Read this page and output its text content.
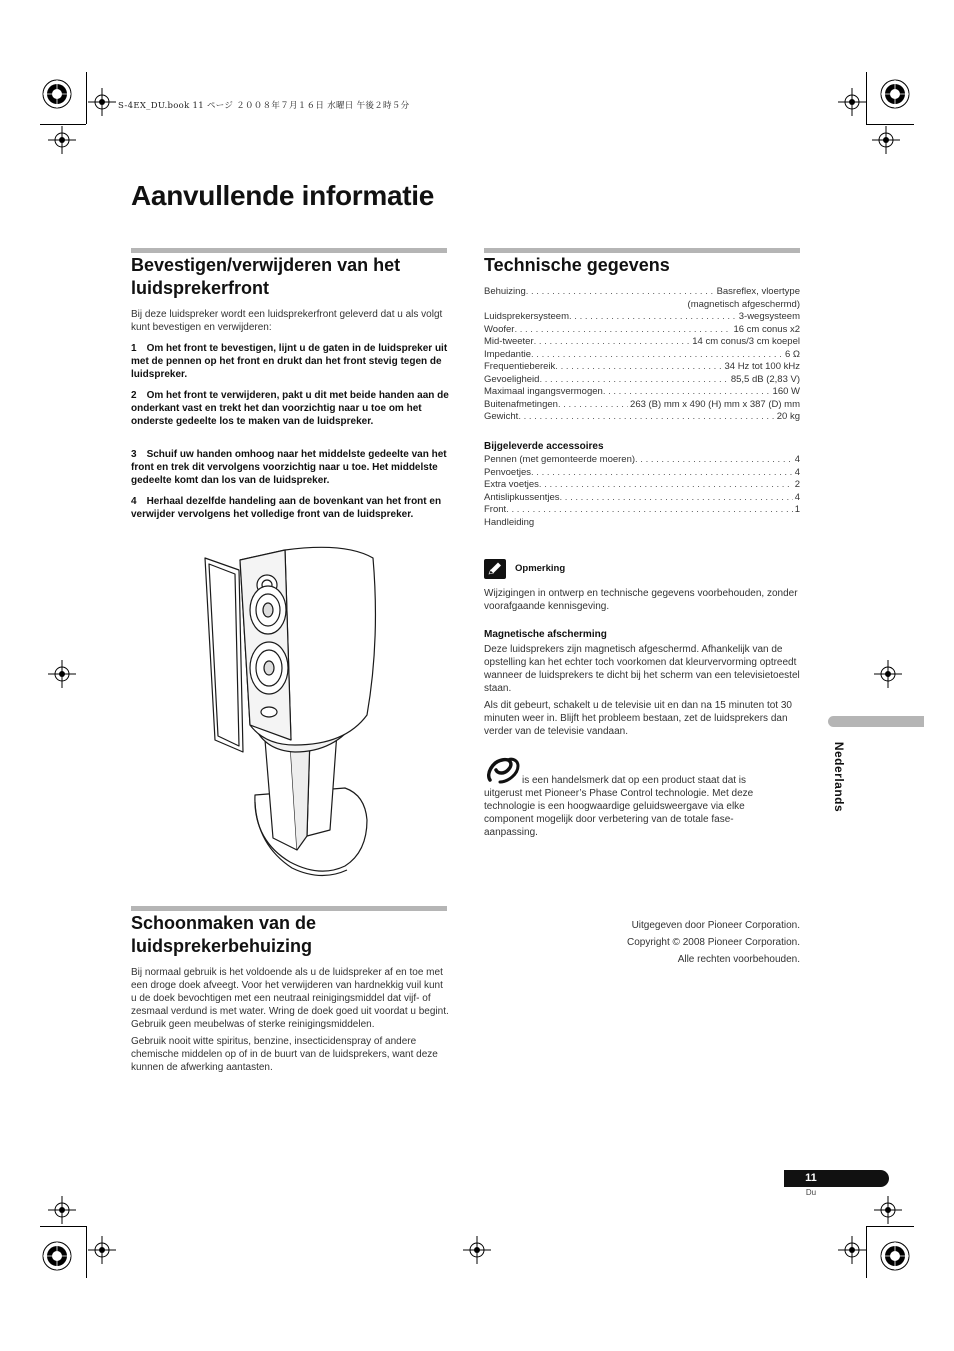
S-4EX_DU.book 11 ページ ２００８年７月１６日 水曜日 午後２時５分
Aanvullende informatie
Bevestigen/verwijderen van het
luidsprekerfront
Bij deze luidspreker wordt een luidsprekerfront geleverd dat u als volgt kunt bevestigen en verwijderen:
1 Om het front te bevestigen, lijnt u de gaten in de luidspreker uit met de pennen op het front en drukt dan het front stevig tegen de luidspreker.
2 Om het front te verwijderen, pakt u dit met beide handen aan de onderkant vast en trekt het dan voorzichtig naar u toe om het onderste gedeelte los te maken van de luidspreker.
3 Schuif uw handen omhoog naar het middelste gedeelte van het front en trek dit vervolgens voorzichtig naar u toe. Het middelste gedeelte komt dan los van de luidspreker.
4 Herhaal dezelfde handeling aan de bovenkant van het front en verwijder vervolgens het volledige front van de luidspreker.
Schoonmaken van de
luidsprekerbehuizing

Bij normaal gebruik is het voldoende als u de luidspreker af en toe met een droge doek afveegt. Voor het verwijderen van hardnekkig vuil kunt u de doek bevochtigen met een neutraal reinigingsmiddel dat vijf- of zesmaal verdund is met water. Wring de doek goed uit voordat u begint. Gebruik geen meubelwas of sterke reinigingsmiddelen.

Gebruik nooit witte spiritus, benzine, insecticidenspray of andere chemische middelen op of in de buurt van de luidsprekers, want deze kunnen de afwerking aantasten.

Technische gegevens
Behuizing . . .	Basreflex, vloertype
(magnetisch afgeschermd)
Luidsprekersysteem . . .	3-wegsysteem
Woofer . . .	16 cm conus x2
Mid-tweeter . . .	14 cm conus/3 cm koepel
Impedantie . . .	6 Ω
Frequentiebereik . . .	34 Hz tot 100 kHz
Gevoeligheid . . .	85,5 dB (2,83 V)
Maximaal ingangsvermogen . . .	160 W
Buitenafmetingen . . .	263 (B) mm x 490 (H) mm x 387 (D) mm
Gewicht . . .	20 kg
Bijgeleverde accessoires
Pennen (met gemonteerde moeren) . . .	4
Penvoetjes . . .	4
Extra voetjes . . .	2
Antislipkussentjes . . .	4
Front . . .	1
Handleiding
Opmerking
Wijzigingen in ontwerp en technische gegevens voorbehouden, zonder voorafgaande kennisgeving.
Magnetische afscherming

Deze luidsprekers zijn magnetisch afgeschermd. Afhankelijk van de opstelling kan het echter toch voorkomen dat kleurvervorming optreedt wanneer de luidsprekers te dicht bij het scherm van een televisietoestel staan.

Als dit gebeurt, schakelt u de televisie uit en dan na 15 minuten tot 30 minuten weer in. Blijft het probleem bestaan, zet de luidsprekers dan verder van de televisie vandaan.

is een handelsmerk dat op een product staat dat is
uitgerust met Pioneer’s Phase Control technologie. Met deze technologie is een hoogwaardige geluidsweergave via elke component mogelijk door verbetering van de totale fase-aanpassing.
Uitgegeven door Pioneer Corporation.
Copyright © 2008 Pioneer Corporation.
Alle rechten voorbehouden.
Nederlands
11
Du
